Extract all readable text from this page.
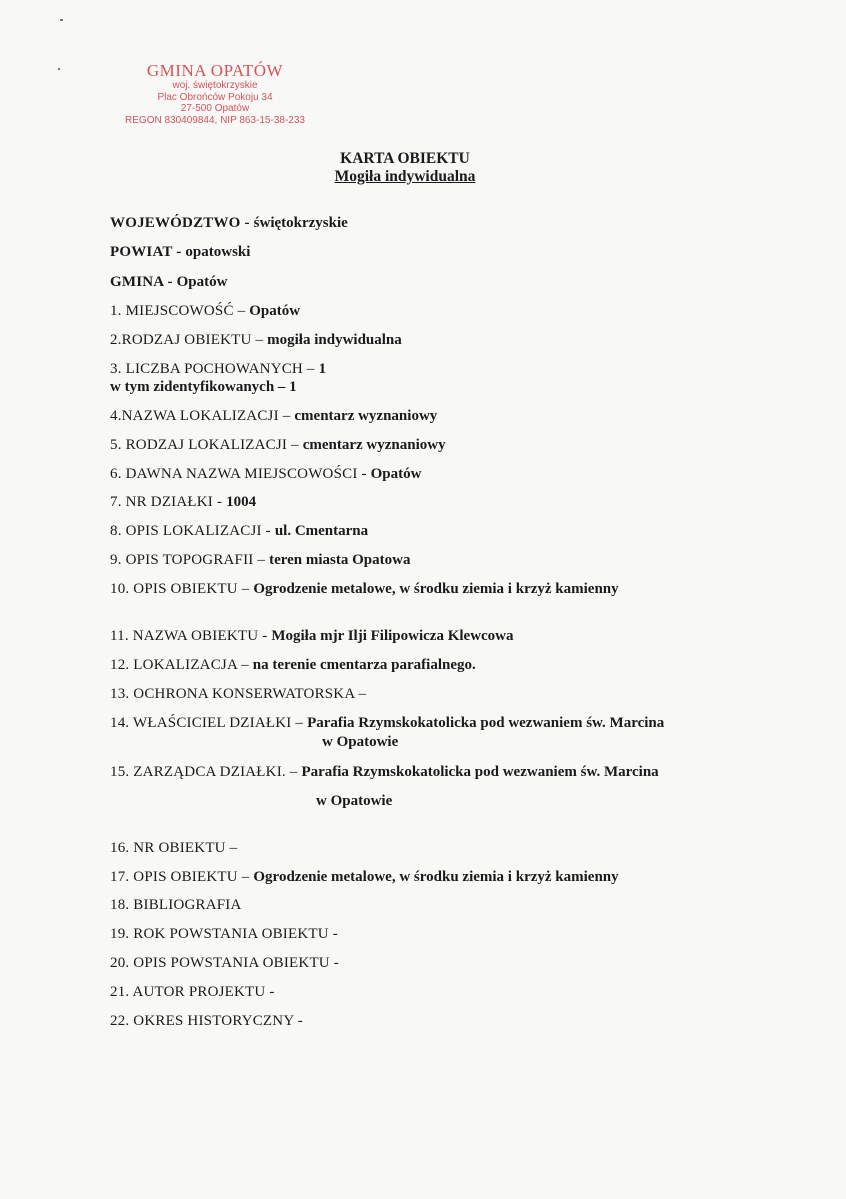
GMINA OPATÓW
woj. świętokrzyskie
Plac Obrońców Pokoju 34
27-500 Opatów
REGON 830409844, NIP 863-15-38-233
KARTA OBIEKTU
Mogiła indywidualna
WOJEWÓDZTWO - świętokrzyskie
POWIAT - opatowski
GMINA - Opatów
1. MIEJSCOWOŚĆ – Opatów
2.RODZAJ OBIEKTU – mogiła indywidualna
3. LICZBA POCHOWANYCH – 1
w tym zidentyfikowanych – 1
4.NAZWA LOKALIZACJI – cmentarz wyznaniowy
5. RODZAJ LOKALIZACJI – cmentarz wyznaniowy
6. DAWNA NAZWA MIEJSCOWOŚCI - Opatów
7. NR DZIAŁKI - 1004
8. OPIS LOKALIZACJI - ul. Cmentarna
9. OPIS TOPOGRAFII – teren miasta Opatowa
10. OPIS OBIEKTU – Ogrodzenie metalowe, w środku ziemia i krzyż kamienny
11. NAZWA OBIEKTU - Mogiła mjr Ilji Filipowicza Klewcowa
12. LOKALIZACJA – na terenie cmentarza parafialnego.
13. OCHRONA KONSERWATORSKA –
14. WŁAŚCICIEL DZIAŁKI – Parafia Rzymskokatolicka pod wezwaniem św. Marcina
w Opatowie
15. ZARZĄDCA DZIAŁKI. – Parafia Rzymskokatolicka pod wezwaniem św. Marcina
w Opatowie
16. NR OBIEKTU –
17. OPIS OBIEKTU – Ogrodzenie metalowe, w środku ziemia i krzyż kamienny
18. BIBLIOGRAFIA
19. ROK POWSTANIA OBIEKTU -
20. OPIS POWSTANIA OBIEKTU -
21. AUTOR PROJEKTU -
22. OKRES HISTORYCZNY -
